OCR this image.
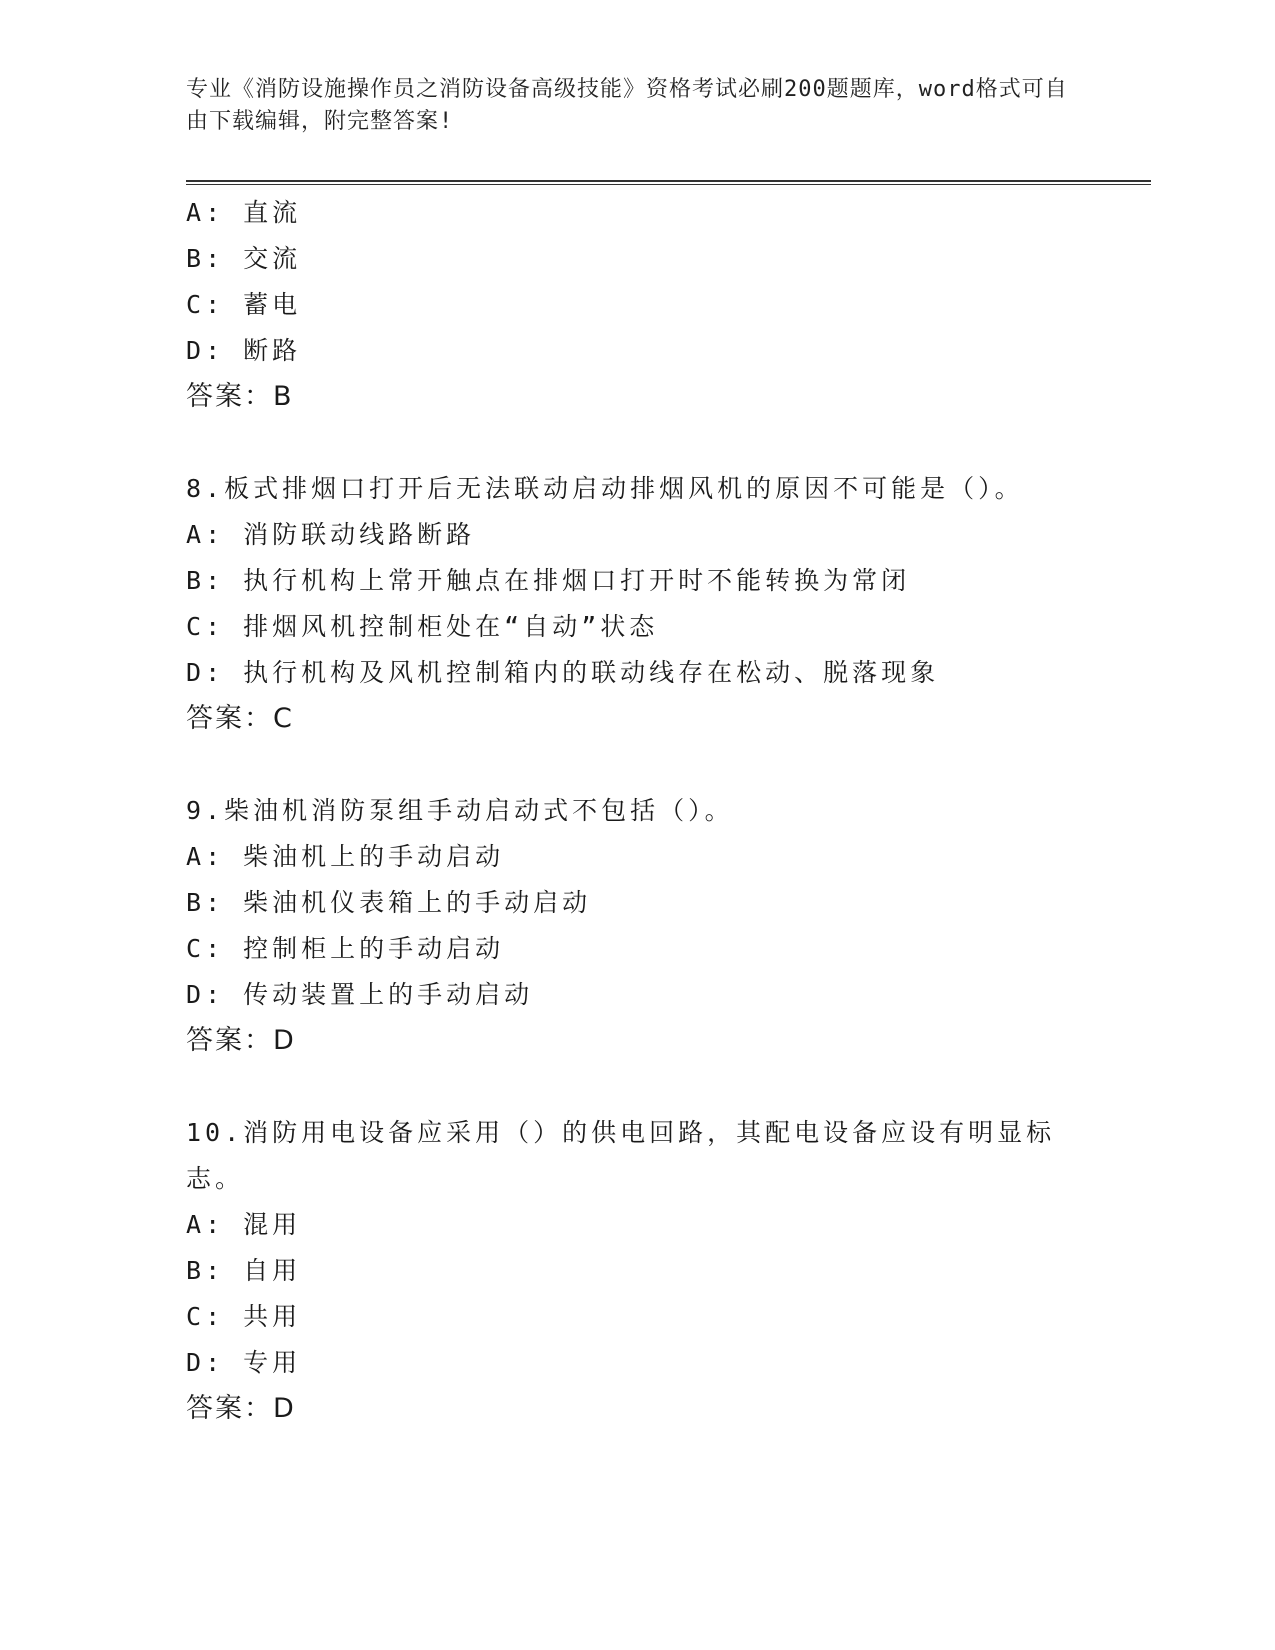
专业《消防设施操作员之消防设备高级技能》资格考试必刷200题题库，word格式可自由下载编辑，附完整答案!
A: 直流
B: 交流
C: 蓄电
D: 断路
答案：B
8.板式排烟口打开后无法联动启动排烟风机的原因不可能是（）。
A: 消防联动线路断路
B: 执行机构上常开触点在排烟口打开时不能转换为常闭
C: 排烟风机控制柜处在“自动”状态
D: 执行机构及风机控制箱内的联动线存在松动、脱落现象
答案：C
9.柴油机消防泵组手动启动式不包括（）。
A: 柴油机上的手动启动
B: 柴油机仪表箱上的手动启动
C: 控制柜上的手动启动
D: 传动装置上的手动启动
答案：D
10.消防用电设备应采用（）的供电回路，其配电设备应设有明显标志。
A: 混用
B: 自用
C: 共用
D: 专用
答案：D
